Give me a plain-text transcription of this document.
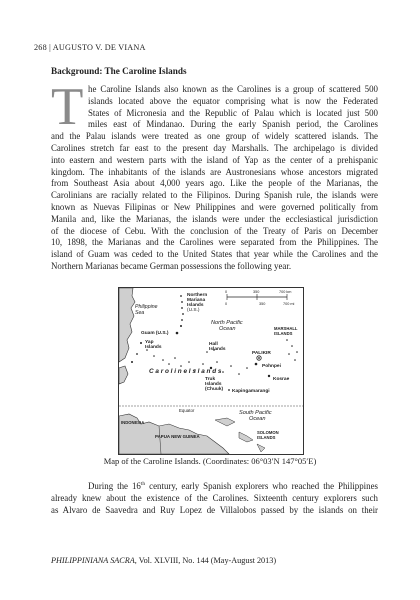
268 | AUGUSTO V. DE VIANA
Background: The Caroline Islands
T he Caroline Islands also known as the Carolines is a group of scattered 500
islands located above the equator comprising what is now the Federated
States of Micronesia and the Republic of Palau which is located just 500
miles east of Mindanao. During the early Spanish period, the Carolines
and the Palau islands were treated as one group of widely scattered islands. The
Carolines stretch far east to the present day Marshalls. The archipelago is divided
into eastern and western parts with the island of Yap as the center of a prehispanic
kingdom. The inhabitants of the islands are Austronesians whose ancestors migrated
from Southeast Asia about 4,000 years ago. Like the people of the Marianas, the
Carolinians are racially related to the Filipinos. During Spanish rule, the islands were
known as Nuevas Filipinas or New Philippines and were governed politically from
Manila and, like the Marianas, the islands were under the ecclesiastical jurisdiction
of the diocese of Cebu. With the conclusion of the Treaty of Paris on December
10, 1898, the Marianas and the Carolines were separated from the Philippines. The
island of Guam was ceded to the United States that year while the Carolines and the
Northern Marianas became German possessions the following year.
Philippine
Sea
Northern
Mariana
Islands
(U.S.)
Guam (U.S.)
Yap
Islands
North Pacific
Ocean	MARSHALL
ISLANDS
Hall
Islands
PALIKIR
Pohnpei
Kosrae
C a r o l i n e I s l a n d s
Truk
Islands
(Chuuk) Kapingamarangi
Equator
INDONESIA
South Pacific
Ocean
PAPUA NEW GUINEA
SOLOMON
ISLANDS
0	350	700 km
0	350	700 mi
Map of the Caroline Islands. (Coordinates: 06°03′N 147°05′E)
During the 16th century, early Spanish explorers who reached the Philippines
already knew about the existence of the Carolines. Sixteenth century explorers such
as Alvaro de Saavedra and Ruy Lopez de Villalobos passed by the islands on their
PHILIPPINIANA SACRA, Vol. XLVIII, No. 144 (May-August 2013)
